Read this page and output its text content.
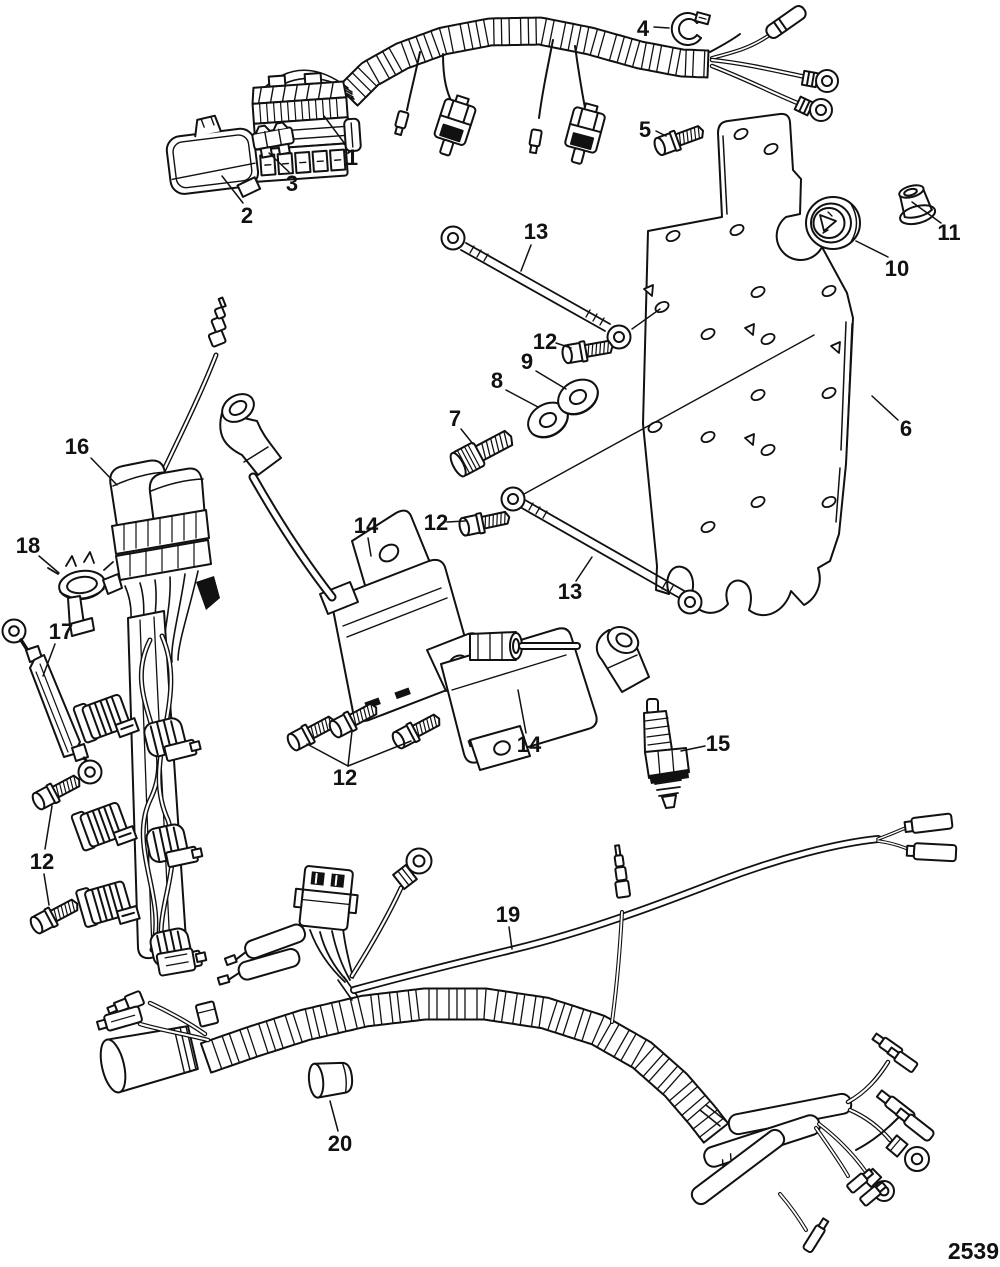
1
2
3
4
5
6
7
8
9
10
11
12
12
12
12
13
13
14
14	15
16
17
18
19
20
2539
